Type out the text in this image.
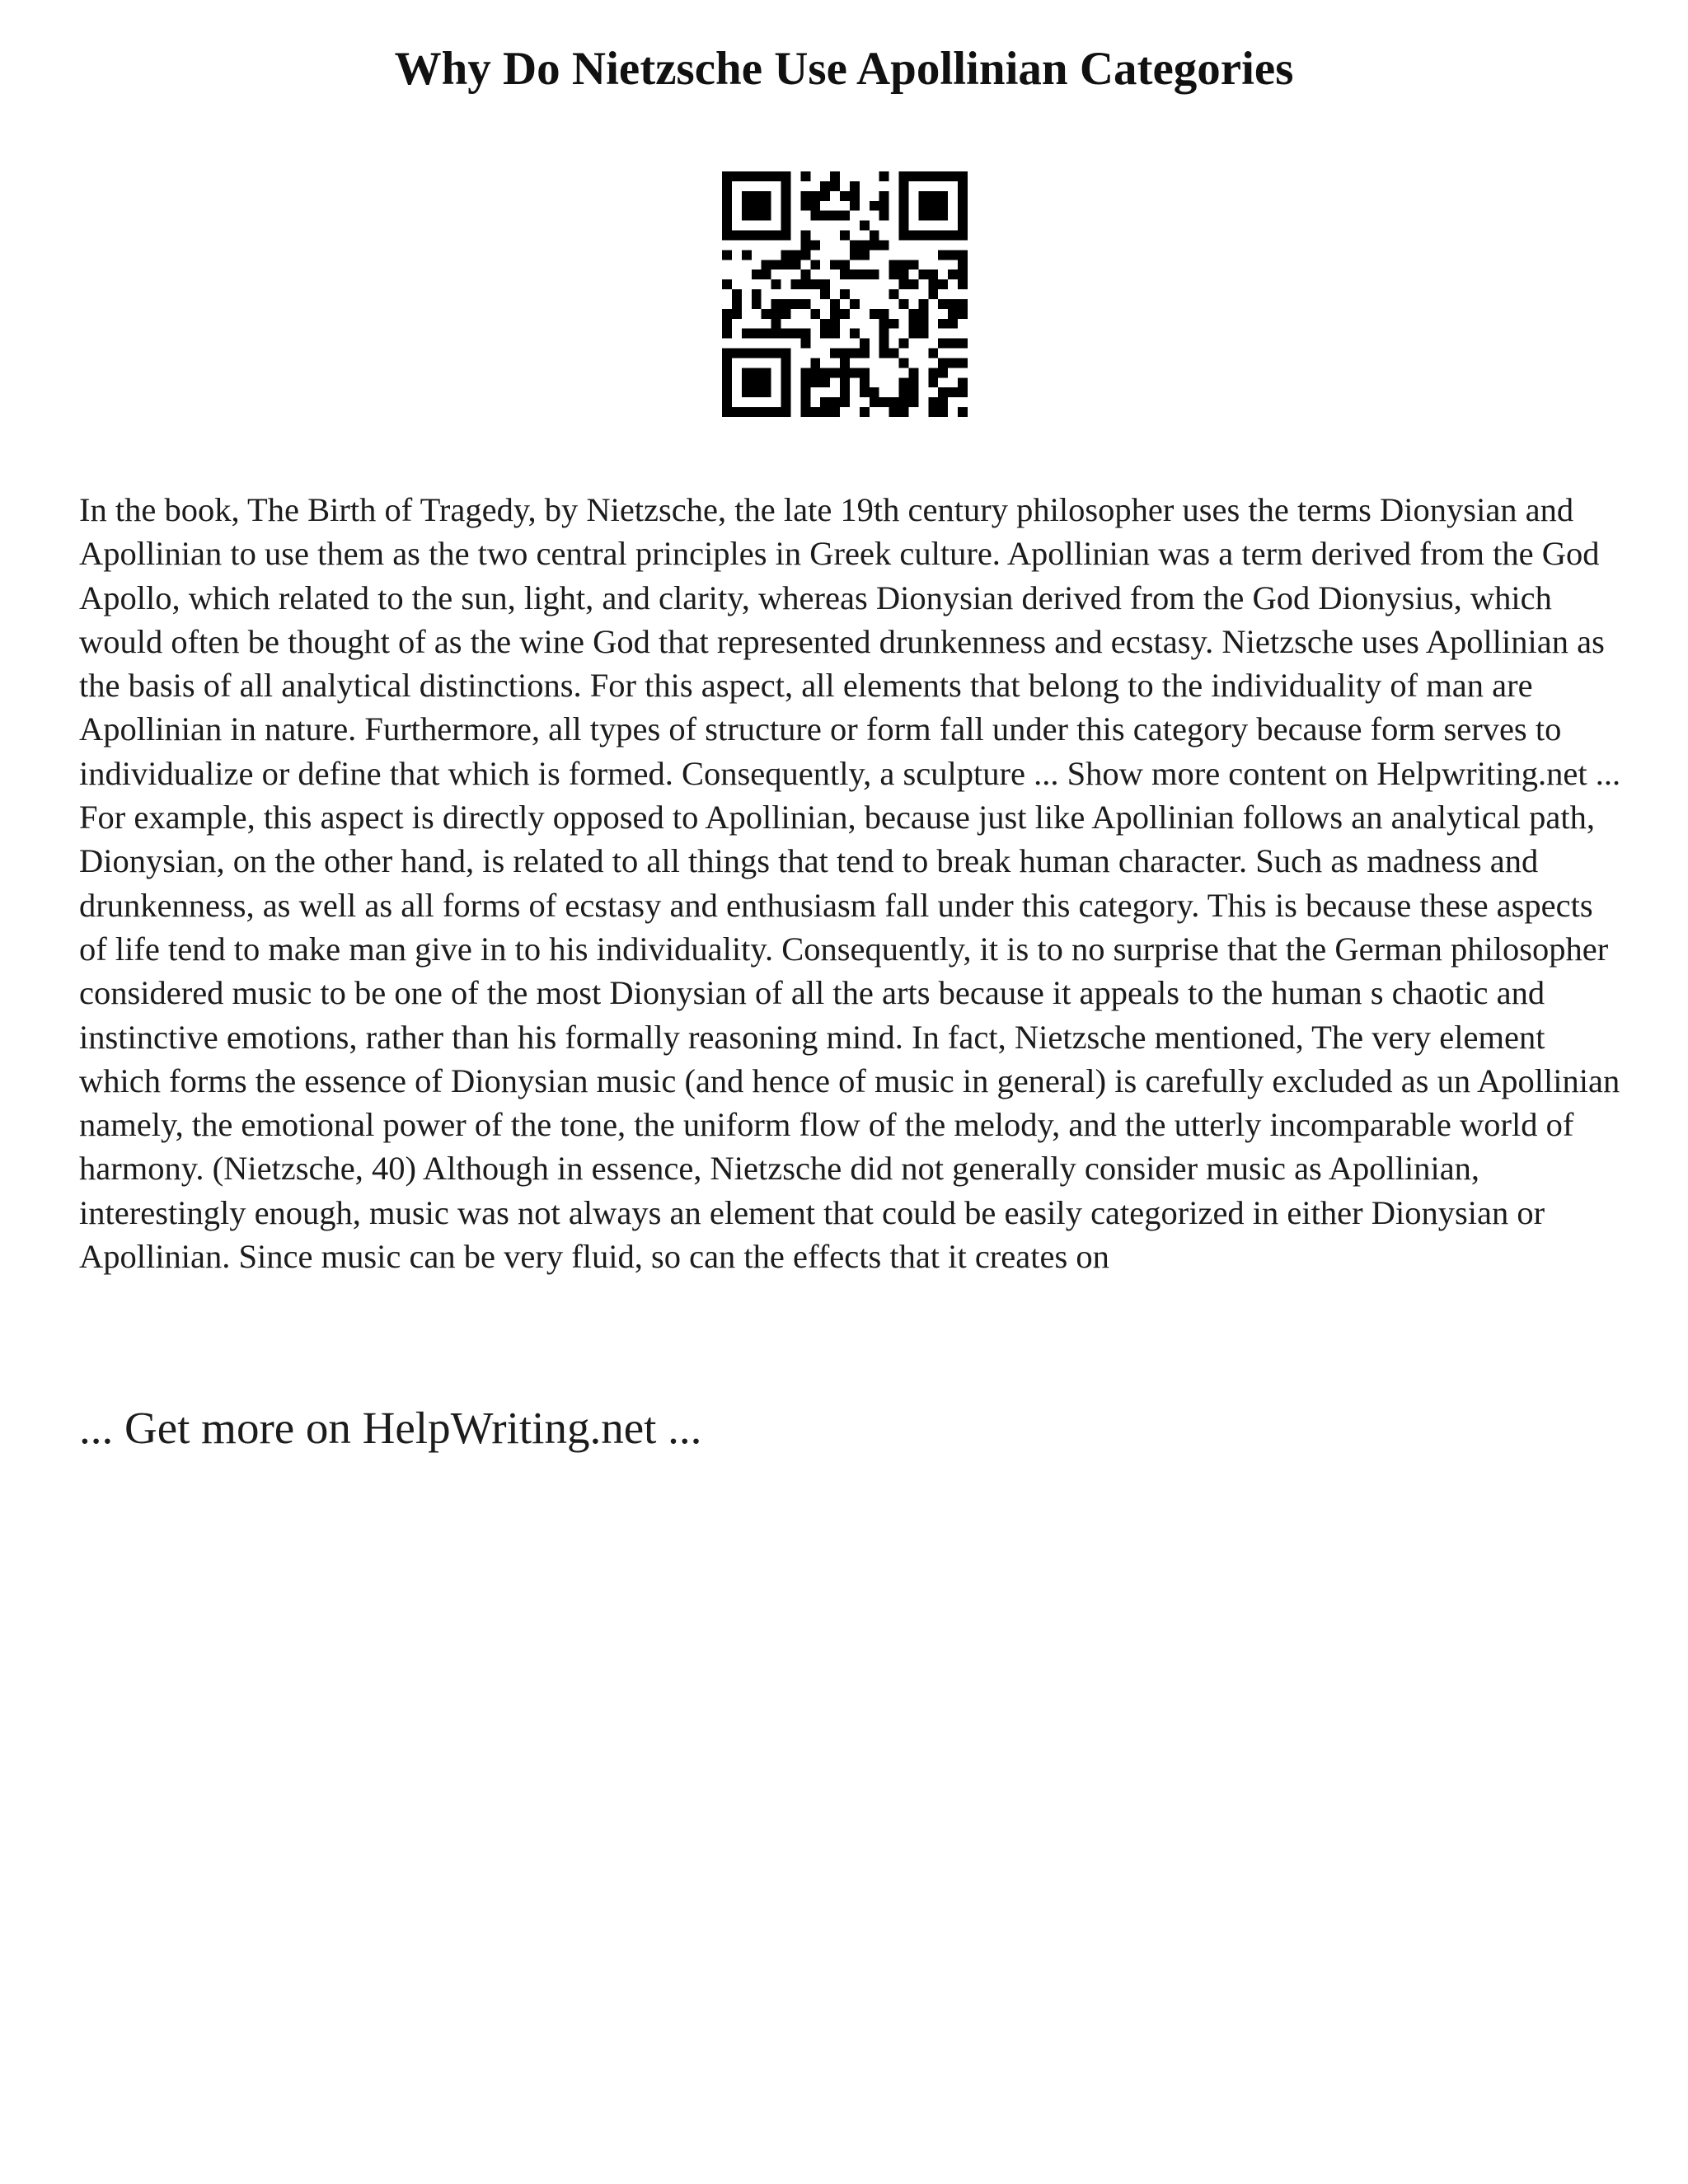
Why Do Nietzsche Use Apollinian Categories

In the book, The Birth of Tragedy, by Nietzsche, the late 19th century philosopher uses the terms Dionysian and Apollinian to use them as the two central principles in Greek culture. Apollinian was a term derived from the God Apollo, which related to the sun, light, and clarity, whereas Dionysian derived from the God Dionysius, which would often be thought of as the wine God that represented drunkenness and ecstasy. Nietzsche uses Apollinian as the basis of all analytical distinctions. For this aspect, all elements that belong to the individuality of man are Apollinian in nature. Furthermore, all types of structure or form fall under this category because form serves to individualize or define that which is formed. Consequently, a sculpture ... Show more content on Helpwriting.net ...

For example, this aspect is directly opposed to Apollinian, because just like Apollinian follows an analytical path, Dionysian, on the other hand, is related to all things that tend to break human character. Such as madness and drunkenness, as well as all forms of ecstasy and enthusiasm fall under this category. This is because these aspects of life tend to make man give in to his individuality. Consequently, it is to no surprise that the German philosopher considered music to be one of the most Dionysian of all the arts because it appeals to the human s chaotic and instinctive emotions, rather than his formally reasoning mind. In fact, Nietzsche mentioned, The very element which forms the essence of Dionysian music (and hence of music in general) is carefully excluded as un Apollinian namely, the emotional power of the tone, the uniform flow of the melody, and the utterly incomparable world of harmony. (Nietzsche, 40) Although in essence, Nietzsche did not generally consider music as Apollinian, interestingly enough, music was not always an element that could be easily categorized in either Dionysian or Apollinian. Since music can be very fluid, so can the effects that it creates on

... Get more on HelpWriting.net ...
